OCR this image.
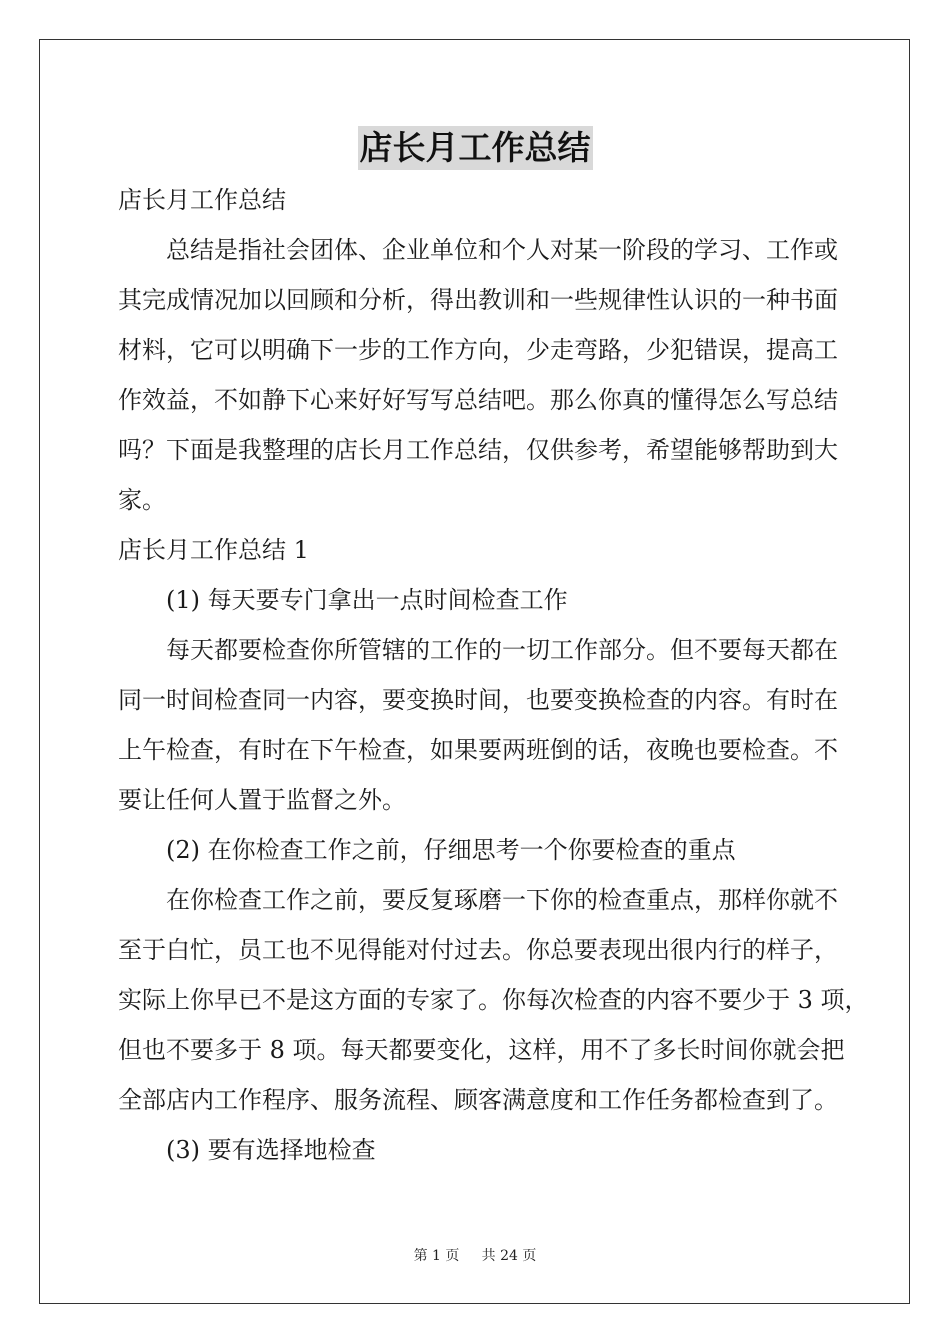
店长月工作总结
店长月工作总结
总结是指社会团体、企业单位和个人对某一阶段的学习、工作或
其完成情况加以回顾和分析，得出教训和一些规律性认识的一种书面
材料，它可以明确下一步的工作方向，少走弯路，少犯错误，提高工
作效益，不如静下心来好好写写总结吧。那么你真的懂得怎么写总结
吗？下面是我整理的店长月工作总结，仅供参考，希望能够帮助到大
家。
店长月工作总结 1
(1) 每天要专门拿出一点时间检查工作
每天都要检查你所管辖的工作的一切工作部分。但不要每天都在
同一时间检查同一内容，要变换时间，也要变换检查的内容。有时在
上午检查，有时在下午检查，如果要两班倒的话，夜晚也要检查。不
要让任何人置于监督之外。
(2) 在你检查工作之前，仔细思考一个你要检查的重点
在你检查工作之前，要反复琢磨一下你的检查重点，那样你就不
至于白忙，员工也不见得能对付过去。你总要表现出很内行的样子，
实际上你早已不是这方面的专家了。你每次检查的内容不要少于 3 项，
但也不要多于 8 项。每天都要变化，这样，用不了多长时间你就会把
全部店内工作程序、服务流程、顾客满意度和工作任务都检查到了。
(3) 要有选择地检查
第 1 页 共 24 页
